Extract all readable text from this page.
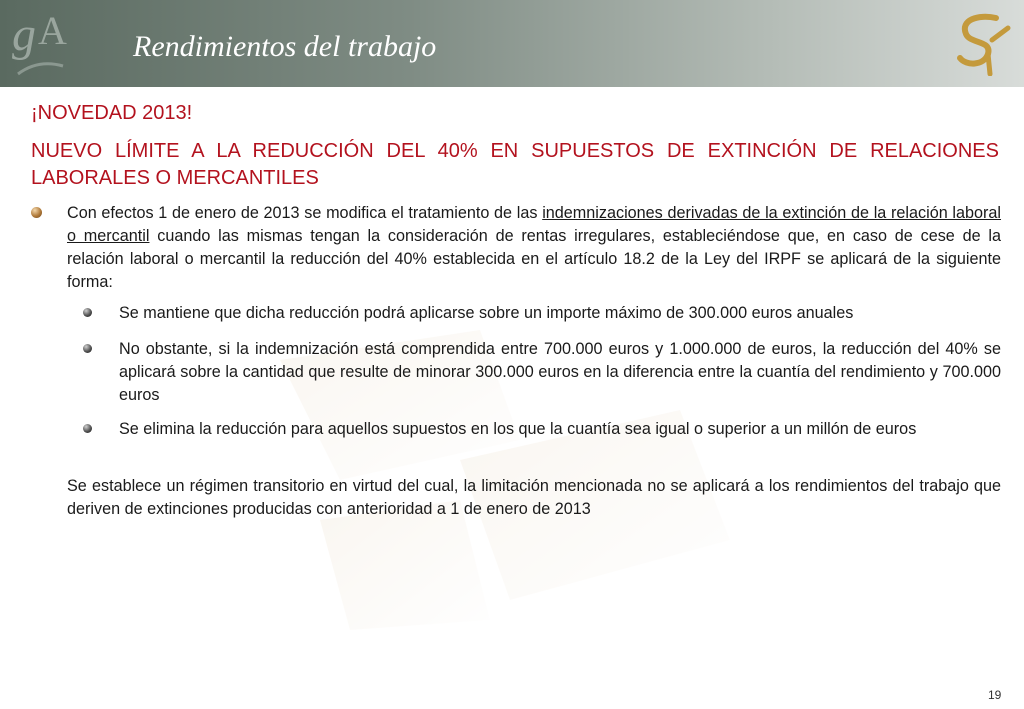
g A Rendimientos del trabajo
¡NOVEDAD 2013!
NUEVO LÍMITE A LA REDUCCIÓN DEL 40% EN SUPUESTOS DE EXTINCIÓN DE RELACIONES LABORALES O MERCANTILES
Con efectos 1 de enero de 2013 se modifica el tratamiento de las indemnizaciones derivadas de la extinción de la relación laboral o mercantil cuando las mismas tengan la consideración de rentas irregulares, estableciéndose que, en caso de cese de la relación laboral o mercantil la reducción del 40% establecida en el artículo 18.2 de la Ley del IRPF se aplicará de la siguiente forma:
Se mantiene que dicha reducción podrá aplicarse sobre un importe máximo de 300.000 euros anuales
No obstante, si la indemnización está comprendida entre 700.000 euros y 1.000.000 de euros, la reducción del 40% se aplicará sobre la cantidad que resulte de minorar 300.000 euros en la diferencia entre la cuantía del rendimiento y 700.000 euros
Se elimina la reducción para aquellos supuestos en los que la cuantía sea igual o superior a un millón de euros
Se establece un régimen transitorio en virtud del cual, la limitación mencionada no se aplicará a los rendimientos del trabajo que deriven de extinciones producidas con anterioridad a 1 de enero de 2013
19
